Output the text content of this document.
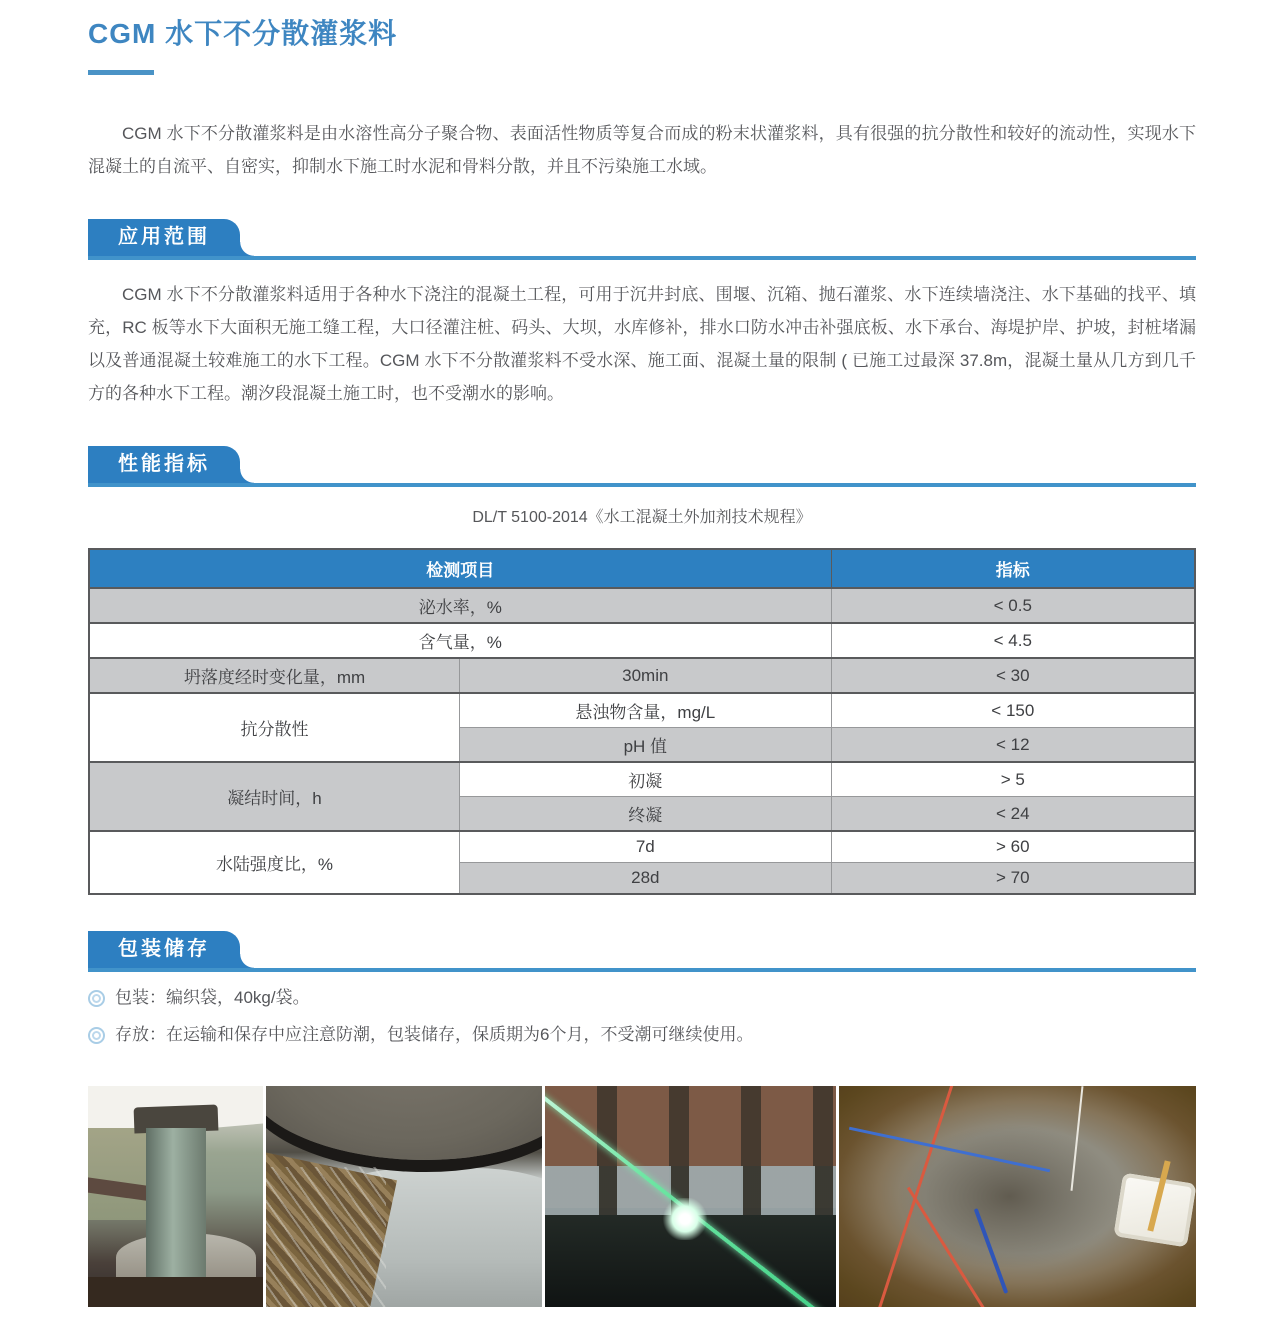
CGM 水下不分散灌浆料

CGM 水下不分散灌浆料是由水溶性高分子聚合物、表面活性物质等复合而成的粉末状灌浆料，具有很强的抗分散性和较好的流动性，实现水下混凝土的自流平、自密实，抑制水下施工时水泥和骨料分散，并且不污染施工水域。

应用范围

CGM 水下不分散灌浆料适用于各种水下浇注的混凝土工程，可用于沉井封底、围堰、沉箱、抛石灌浆、水下连续墙浇注、水下基础的找平、填充，RC 板等水下大面积无施工缝工程，大口径灌注桩、码头、大坝，水库修补，排水口防水冲击补强底板、水下承台、海堤护岸、护坡，封桩堵漏以及普通混凝土较难施工的水下工程。CGM 水下不分散灌浆料不受水深、施工面、混凝土量的限制 ( 已施工过最深 37.8m，混凝土量从几方到几千方的各种水下工程。潮汐段混凝土施工时，也不受潮水的影响。

性能指标

DL/T 5100-2014《水工混凝土外加剂技术规程》

检测项目		指标
泌水率，%		< 0.5
含气量，%		< 4.5
坍落度经时变化量，mm	30min	< 30
抗分散性	悬浊物含量，mg/L	< 150
	pH 值	< 12
凝结时间，h	初凝	> 5
	终凝	< 24
水陆强度比，%	7d	> 60
	28d	> 70
包装储存
包装：编织袋，40kg/袋。
存放：在运输和保存中应注意防潮，包装储存，保质期为6个月，不受潮可继续使用。
